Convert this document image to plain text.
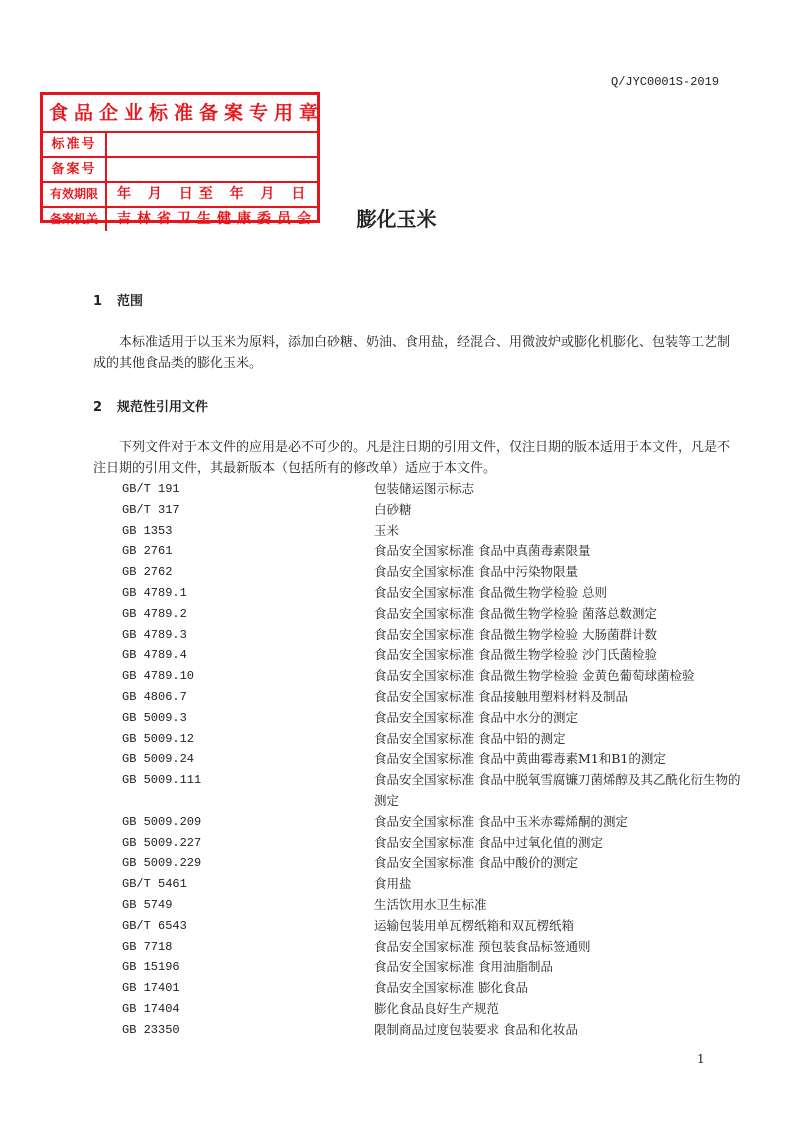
Q/JYC0001S-2019
膨化玉米
食品企业标准备案专用章
标准号
备案号
有效期限	年 月 日至 年 月 日
备案机关	吉林省卫生健康委员会
1 范围
本标准适用于以玉米为原料，添加白砂糖、奶油、食用盐，经混合、用微波炉或膨化机膨化、包装等工艺制成的其他食品类的膨化玉米。
2 规范性引用文件
下列文件对于本文件的应用是必不可少的。凡是注日期的引用文件，仅注日期的版本适用于本文件，凡是不注日期的引用文件，其最新版本（包括所有的修改单）适应于本文件。
GB/T 191	包装储运图示标志
GB/T 317	白砂糖
GB 1353	玉米
GB 2761	食品安全国家标准 食品中真菌毒素限量
GB 2762	食品安全国家标准 食品中污染物限量
GB 4789.1	食品安全国家标准 食品微生物学检验 总则
GB 4789.2	食品安全国家标准 食品微生物学检验 菌落总数测定
GB 4789.3	食品安全国家标准 食品微生物学检验 大肠菌群计数
GB 4789.4	食品安全国家标准 食品微生物学检验 沙门氏菌检验
GB 4789.10	食品安全国家标准 食品微生物学检验 金黄色葡萄球菌检验
GB 4806.7	食品安全国家标准 食品接触用塑料材料及制品
GB 5009.3	食品安全国家标准 食品中水分的测定
GB 5009.12	食品安全国家标准 食品中铅的测定
GB 5009.24	食品安全国家标准 食品中黄曲霉毒素M1和B1的测定
GB 5009.111	食品安全国家标准 食品中脱氧雪腐镰刀菌烯醇及其乙酰化衍生物的测定
GB 5009.209	食品安全国家标准 食品中玉米赤霉烯酮的测定
GB 5009.227	食品安全国家标准 食品中过氧化值的测定
GB 5009.229	食品安全国家标准 食品中酸价的测定
GB/T 5461	食用盐
GB 5749	生活饮用水卫生标准
GB/T 6543	运输包装用单瓦楞纸箱和双瓦楞纸箱
GB 7718	食品安全国家标准 预包装食品标签通则
GB 15196	食品安全国家标准 食用油脂制品
GB 17401	食品安全国家标准 膨化食品
GB 17404	膨化食品良好生产规范
GB 23350	限制商品过度包装要求 食品和化妆品
1
